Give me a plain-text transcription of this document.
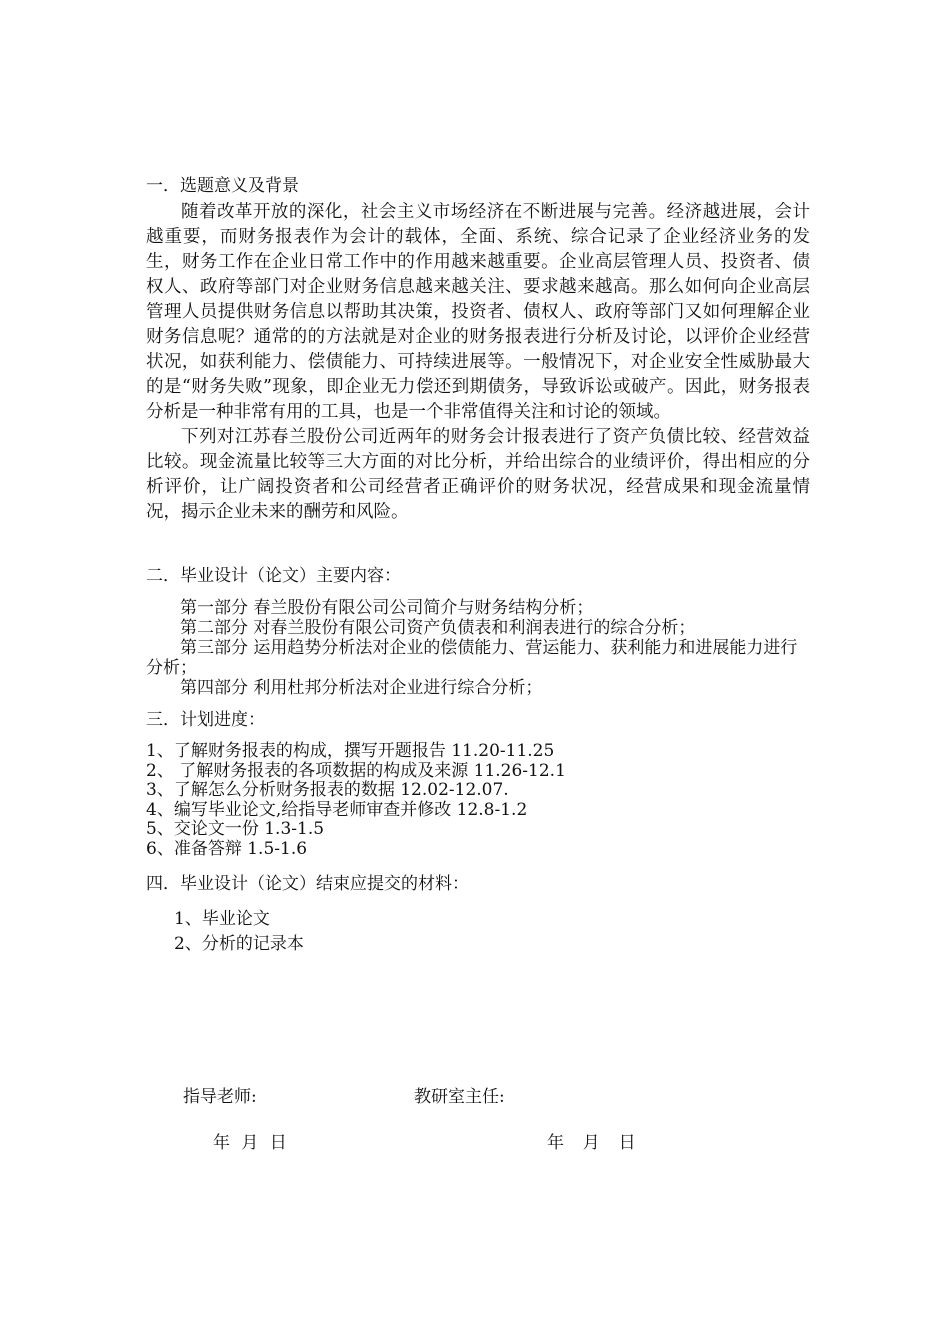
一．选题意义及背景

随着改革开放的深化，社会主义市场经济在不断进展与完善。经济越进展，会计越重要，而财务报表作为会计的载体，全面、系统、综合记录了企业经济业务的发生，财务工作在企业日常工作中的作用越来越重要。企业高层管理人员、投资者、债权人、政府等部门对企业财务信息越来越关注、要求越来越高。那么如何向企业高层管理人员提供财务信息以帮助其决策，投资者、债权人、政府等部门又如何理解企业财务信息呢？通常的的方法就是对企业的财务报表进行分析及讨论，以评价企业经营状况，如获利能力、偿债能力、可持续进展等。一般情况下，对企业安全性威胁最大的是“财务失败”现象，即企业无力偿还到期债务，导致诉讼或破产。因此，财务报表分析是一种非常有用的工具，也是一个非常值得关注和讨论的领域。

下列对江苏春兰股份公司近两年的财务会计报表进行了资产负债比较、经营效益比较。现金流量比较等三大方面的对比分析，并给出综合的业绩评价，得出相应的分析评价，让广阔投资者和公司经营者正确评价的财务状况，经营成果和现金流量情况，揭示企业未来的酬劳和风险。

二．毕业设计（论文）主要内容：

第一部分 春兰股份有限公司公司简介与财务结构分析；

第二部分 对春兰股份有限公司资产负债表和利润表进行的综合分析；

第三部分 运用趋势分析法对企业的偿债能力、营运能力、获利能力和进展能力进行分析；

第四部分 利用杜邦分析法对企业进行综合分析；

三．计划进度：

1、了解财务报表的构成，撰写开题报告 11.20-11.25

2、 了解财务报表的各项数据的构成及来源 11.26-12.1

3、了解怎么分析财务报表的数据 12.02-12.07.

4、编写毕业论文,给指导老师审查并修改 12.8-1.2

5、交论文一份 1.3-1.5

6、准备答辩 1.5-1.6

四．毕业设计（论文）结束应提交的材料：

1、毕业论文

2、分析的记录本

指导老师:	教研室主任:
年 月 日	年  月  日
